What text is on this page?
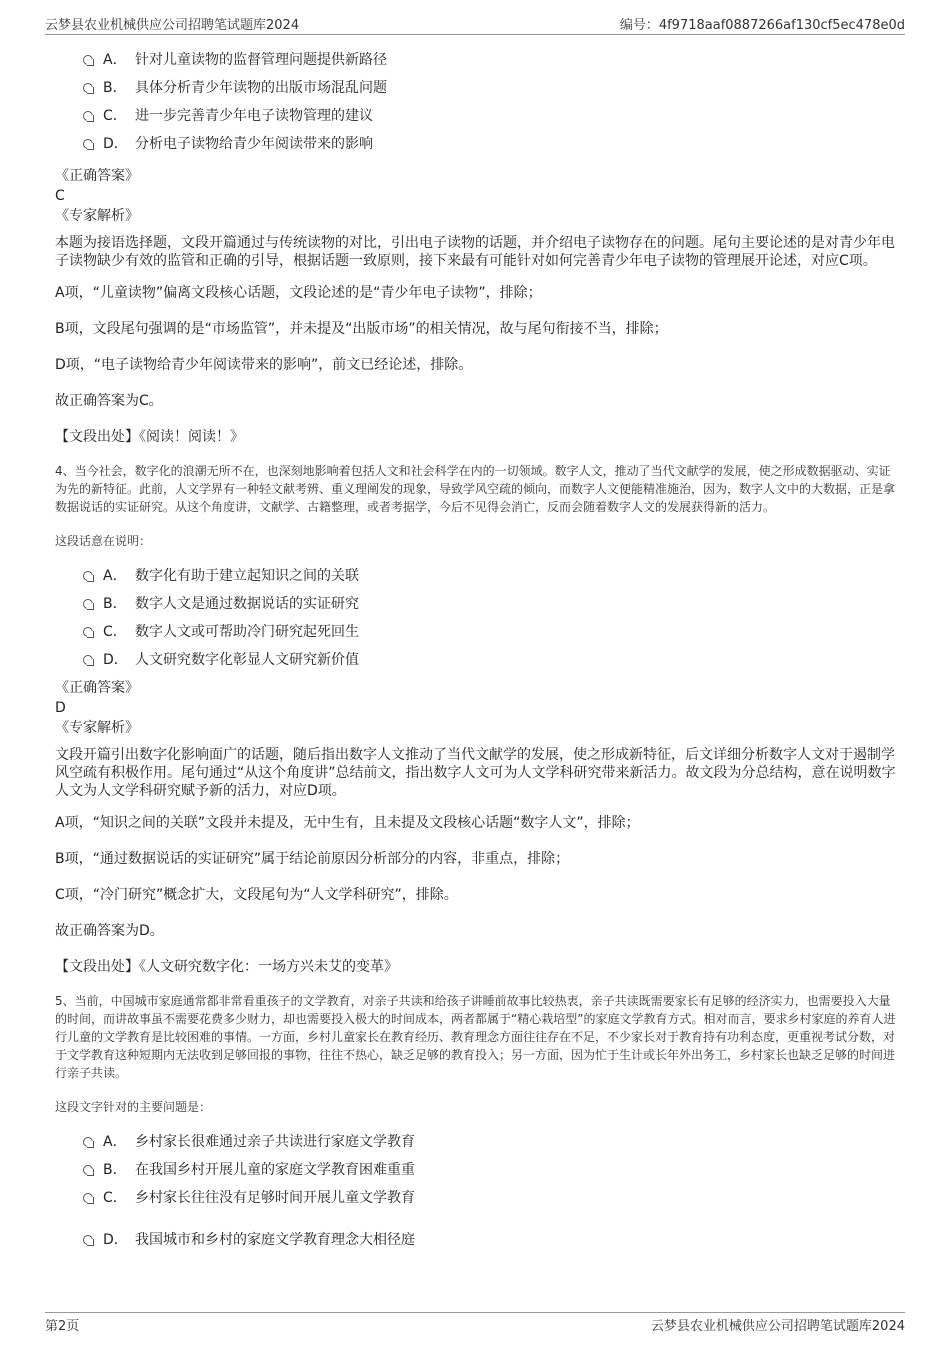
云梦县农业机械供应公司招聘笔试题库2024	编号：4f9718aaf0887266af130cf5ec478e0d
A． 针对儿童读物的监督管理问题提供新路径
B． 具体分析青少年读物的出版市场混乱问题
C． 进一步完善青少年电子读物管理的建议
D． 分析电子读物给青少年阅读带来的影响
《正确答案》
C
《专家解析》

本题为接语选择题，文段开篇通过与传统读物的对比，引出电子读物的话题，并介绍电子读物存在的问题。尾句主要论述的是对青少年电子读物缺少有效的监管和正确的引导，根据话题一致原则，接下来最有可能针对如何完善青少年电子读物的管理展开论述，对应C项。

A项，“儿童读物”偏离文段核心话题，文段论述的是“青少年电子读物”，排除；

B项，文段尾句强调的是“市场监管”，并未提及“出版市场”的相关情况，故与尾句衔接不当，排除；

D项，“电子读物给青少年阅读带来的影响”，前文已经论述，排除。

故正确答案为C。

【文段出处】《阅读！阅读！》

4、当今社会，数字化的浪潮无所不在，也深刻地影响着包括人文和社会科学在内的一切领域。数字人文，推动了当代文献学的发展，使之形成数据驱动、实证为先的新特征。此前，人文学界有一种轻文献考辨、重义理阐发的现象，导致学风空疏的倾向，而数字人文便能精准施治，因为，数字人文中的大数据，正是拿数据说话的实证研究。从这个角度讲，文献学、古籍整理，或者考据学，今后不见得会消亡，反而会随着数字人文的发展获得新的活力。

这段话意在说明：

A． 数字化有助于建立起知识之间的关联
B． 数字人文是通过数据说话的实证研究
C． 数字人文或可帮助冷门研究起死回生
D． 人文研究数字化彰显人文研究新价值
《正确答案》
D
《专家解析》

文段开篇引出数字化影响面广的话题，随后指出数字人文推动了当代文献学的发展，使之形成新特征，后文详细分析数字人文对于遏制学风空疏有积极作用。尾句通过“从这个角度讲”总结前文，指出数字人文可为人文学科研究带来新活力。故文段为分总结构，意在说明数字人文为人文学科研究赋予新的活力，对应D项。

A项，“知识之间的关联”文段并未提及，无中生有，且未提及文段核心话题“数字人文”，排除；

B项，“通过数据说话的实证研究”属于结论前原因分析部分的内容，非重点，排除；

C项，“冷门研究”概念扩大，文段尾句为“人文学科研究”，排除。

故正确答案为D。

【文段出处】《人文研究数字化：一场方兴未艾的变革》

5、当前，中国城市家庭通常都非常看重孩子的文学教育，对亲子共读和给孩子讲睡前故事比较热衷，亲子共读既需要家长有足够的经济实力，也需要投入大量的时间，而讲故事虽不需要花费多少财力，却也需要投入极大的时间成本，两者都属于“精心栽培型”的家庭文学教育方式。相对而言，要求乡村家庭的养育人进行儿童的文学教育是比较困难的事情。一方面，乡村儿童家长在教育经历、教育理念方面往往存在不足，不少家长对于教育持有功利态度，更重视考试分数，对于文学教育这种短期内无法收到足够回报的事物，往往不热心，缺乏足够的教育投入；另一方面，因为忙于生计或长年外出务工，乡村家长也缺乏足够的时间进行亲子共读。

这段文字针对的主要问题是：

A． 乡村家长很难通过亲子共读进行家庭文学教育
B． 在我国乡村开展儿童的家庭文学教育困难重重
C． 乡村家长往往没有足够时间开展儿童文学教育
D． 我国城市和乡村的家庭文学教育理念大相径庭
第2页	云梦县农业机械供应公司招聘笔试题库2024
